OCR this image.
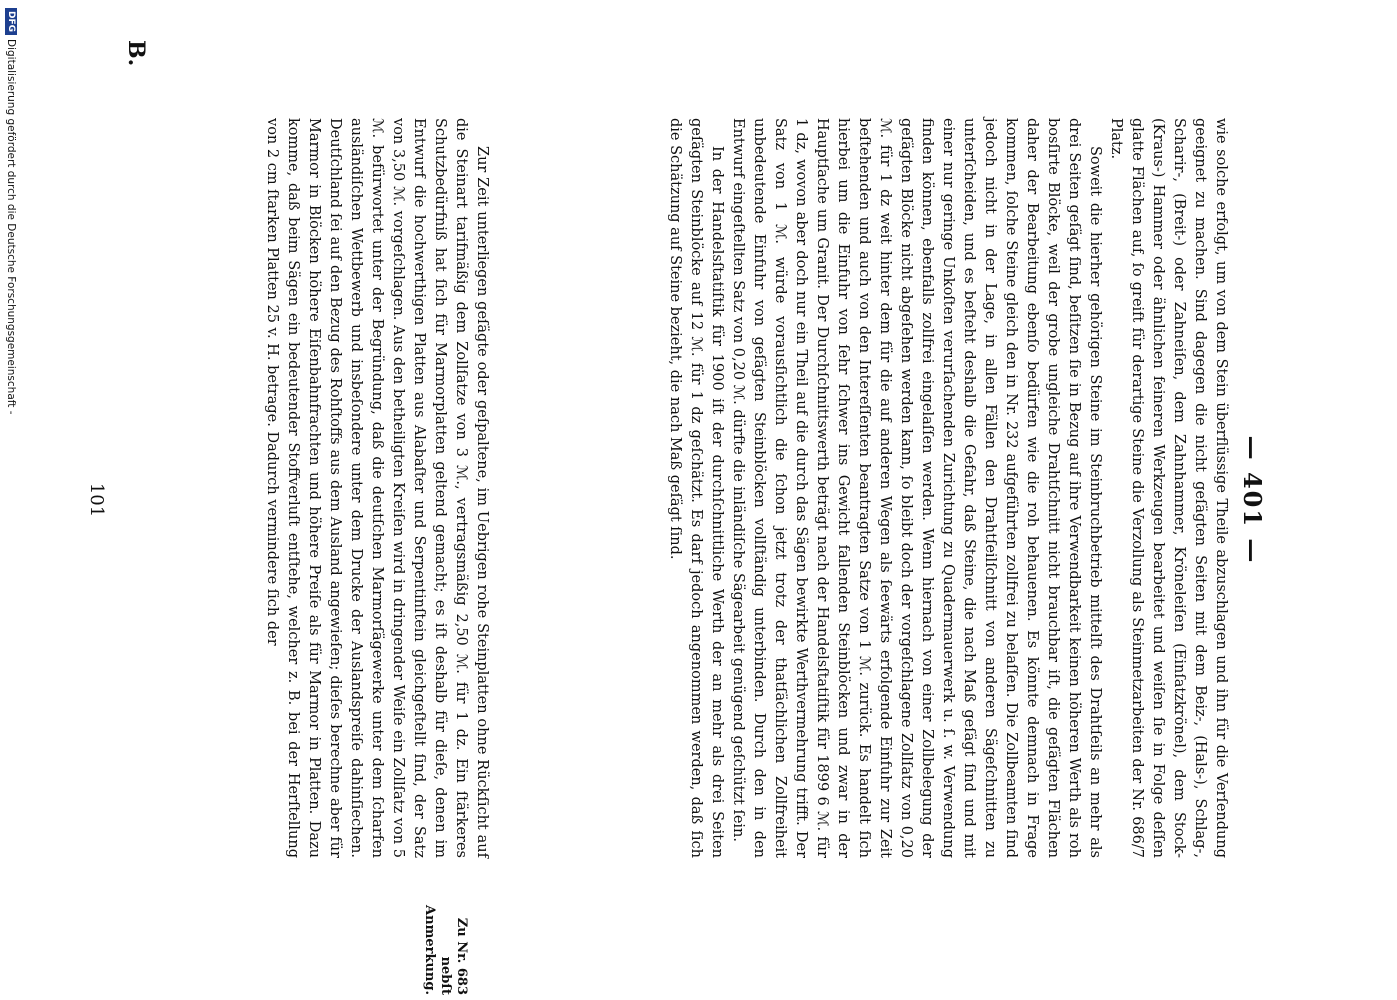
— 401 —

wie solche erfolgt, um von dem Stein überflüssige Theile abzuschlagen und ihn für die Verſendung geeignet zu machen. Sind dagegen die nicht geſägten Seiten mit dem Beiz-, (Hals-), Schlag-, Scharir-, (Breit-) oder Zahneiſen, dem Zahnhammer, Kröneleiſen (Einſatzkrönel), dem Stock- (Kraus-) Hammer oder ähnlichen feineren Werkzeugen bearbeitet und weiſen ſie in Folge deſſen glatte Flächen auf, ſo greift für derartige Steine die Verzollung als Steinmetzarbeiten der Nr. 686/7 Platz.

Soweit die hierher gehörigen Steine im Steinbruchbetrieb mittelſt des Drahtſeils an mehr als drei Seiten geſägt ſind, beſitzen ſie in Bezug auf ihre Verwendbarkeit keinen höheren Werth als roh bosſirte Blöcke, weil der grobe ungleiche Drahtſchnitt nicht brauchbar iſt, die geſägten Flächen daher der Bearbeitung ebenſo bedürfen wie die roh behauenen. Es könnte demnach in Frage kommen, ſolche Steine gleich den in Nr. 232 aufgeführten zollfrei zu belaſſen. Die Zollbeamten ſind jedoch nicht in der Lage, in allen Fällen den Drahtſeilſchnitt von anderen Sägeſchnitten zu unterſcheiden, und es beſteht deshalb die Gefahr, daß Steine, die nach Maß geſägt ſind und mit einer nur geringe Unkoſten verurſachenden Zurichtung zu Quadermauerwerk u. ſ. w. Verwendung finden können, ebenfalls zollfrei eingelaſſen werden. Wenn hiernach von einer Zollbelegung der geſägten Blöcke nicht abgeſehen werden kann, ſo bleibt doch der vorgeſchlagene Zollſatz von 0,20 ℳ. für 1 dz weit hinter dem für die auf anderen Wegen als ſeewärts erfolgende Einfuhr zur Zeit beſtehenden und auch von den Intereſſenten beantragten Satze von 1 ℳ. zurück. Es handelt ſich hierbei um die Einfuhr von ſehr ſchwer ins Gewicht fallenden Steinblöcken und zwar in der Hauptſache um Granit. Der Durchſchnittswerth beträgt nach der Handelsſtatiſtik für 1899 6 ℳ. für 1 dz, wovon aber doch nur ein Theil auf die durch das Sägen bewirkte Werthvermehrung trifft. Der Satz von 1 ℳ. würde vorausſichtlich die ſchon jetzt trotz der thatſächlichen Zollfreiheit unbedeutende Einfuhr von geſägten Steinblöcken vollſtändig unterbinden. Durch den in den Entwurf eingeſtellten Satz von 0,20 ℳ. dürfte die inländiſche Sägearbeit genügend geſchützt ſein.

In der Handelsſtatiſtik für 1900 iſt der durchſchnittliche Werth der an mehr als drei Seiten geſägten Steinblöcke auf 12 ℳ. für 1 dz geſchätzt. Es darf jedoch angenommen werden, daß ſich die Schätzung auf Steine bezieht, die nach Maß geſägt ſind.

Zur Zeit unterliegen geſägte oder geſpaltene, im Uebrigen rohe Steinplatten ohne Rückſicht auf die Steinart tarifmäßig dem Zollſatze von 3 ℳ., vertragsmäßig 2,50 ℳ. für 1 dz. Ein ſtärkeres Schutzbedürfniß hat ſich für Marmorplatten geltend gemacht; es iſt deshalb für dieſe, denen im Entwurf die hochwerthigen Platten aus Alabaſter und Serpentinſtein gleichgeſtellt ſind, der Satz von 3,50 ℳ. vorgeſchlagen. Aus den betheiligten Kreiſen wird in dringender Weiſe ein Zollſatz von 5 ℳ. befürwortet unter der Begründung, daß die deutſchen Marmorſägewerke unter dem ſcharfen ausländiſchen Wettbewerb und insbeſondere unter dem Drucke der Auslandspreiſe dahinſiechen. Deutſchland ſei auf den Bezug des Rohſtoffs aus dem Ausland angewieſen; dieſes berechne aber für Marmor in Blöcken höhere Eiſenbahnfrachten und höhere Preiſe als für Marmor in Platten. Dazu komme, daß beim Sägen ein bedeutender Stoffverluſt entſtehe, welcher z. B. bei der Herſtellung von 2 cm ſtarken Platten 25 v. H. betrage. Dadurch vermindere ſich der

Zu Nr. 683
nebſt Anmerkung.
101
B.
DFG
Digitalisierung gefördert durch die Deutsche Forschungsgemeinschaft -
